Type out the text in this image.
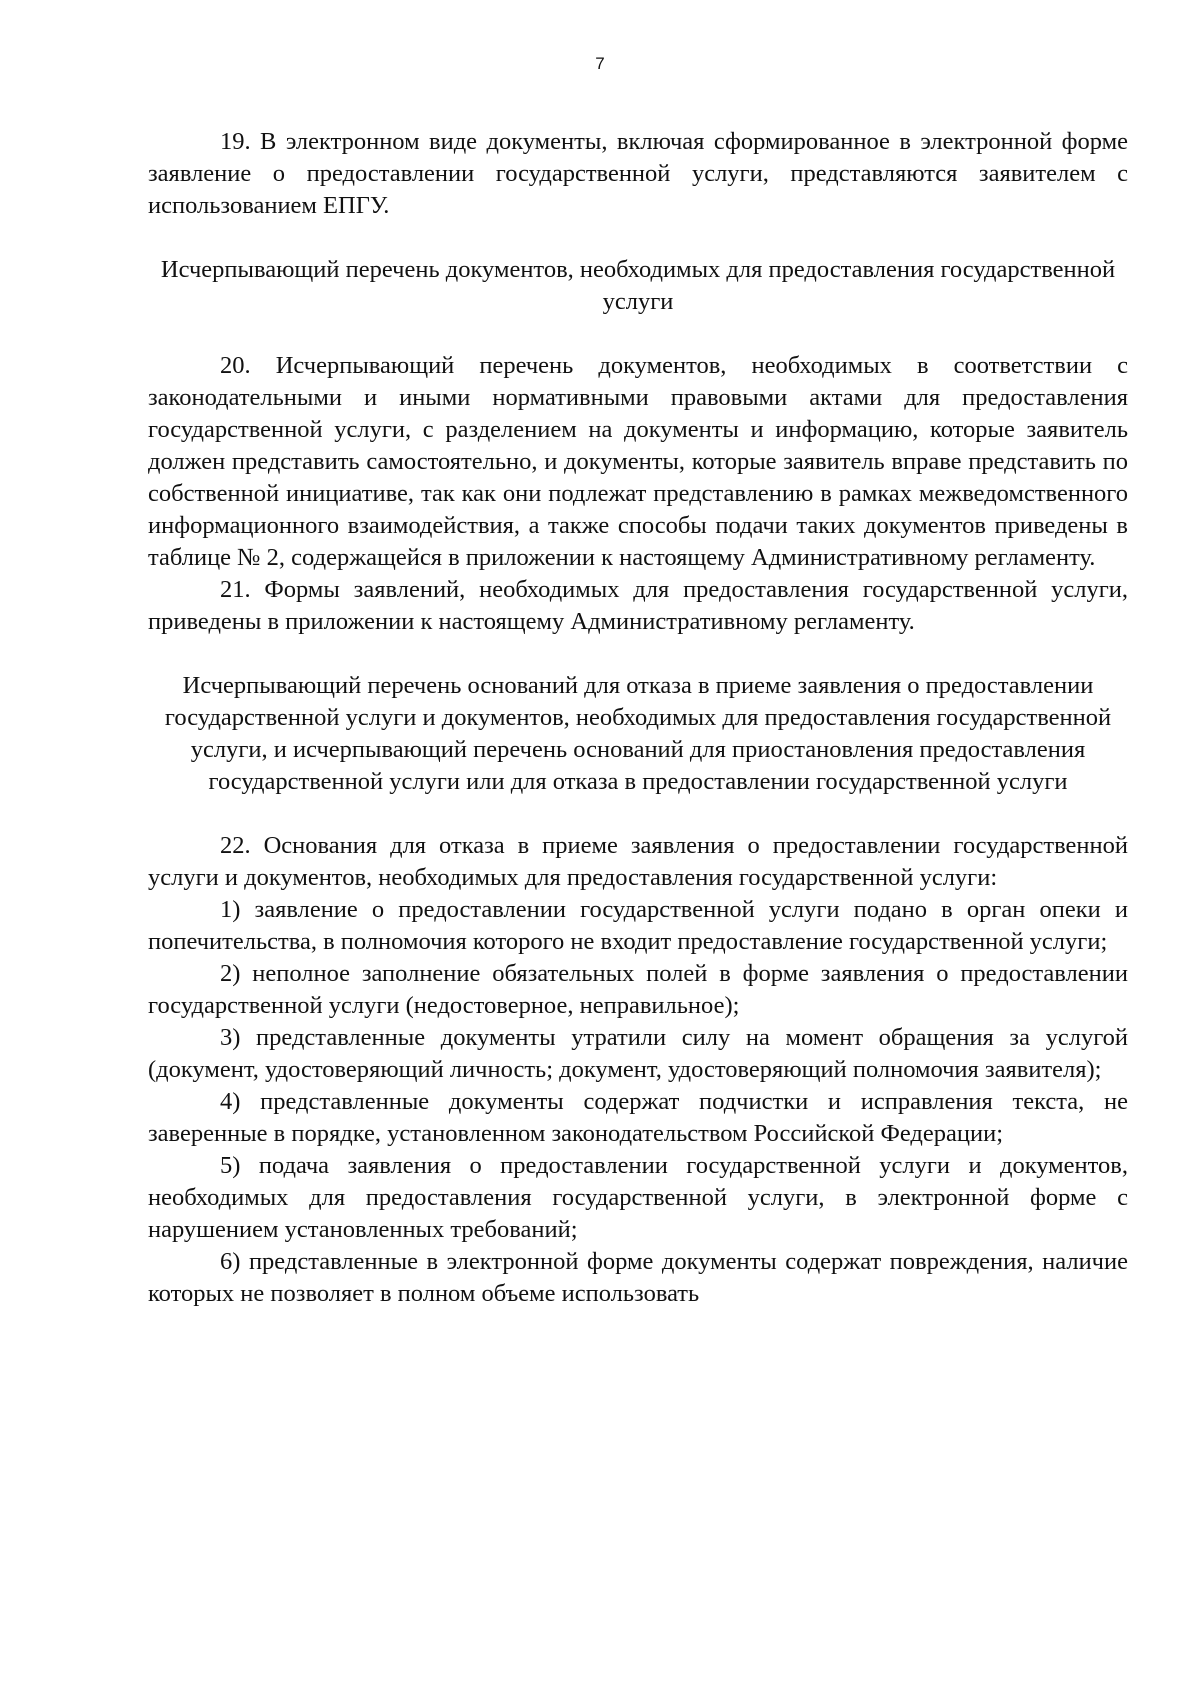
7

19. В электронном виде документы, включая сформированное в электронной форме заявление о предоставлении государственной услуги, представляются заявителем с использованием ЕПГУ.

Исчерпывающий перечень документов, необходимых для предоставления государственной услуги

20. Исчерпывающий перечень документов, необходимых в соответствии с законодательными и иными нормативными правовыми актами для предоставления государственной услуги, с разделением на документы и информацию, которые заявитель должен представить самостоятельно, и документы, которые заявитель вправе представить по собственной инициативе, так как они подлежат представлению в рамках межведомственного информационного взаимодействия, а также способы подачи таких документов приведены в таблице № 2, содержащейся в приложении к настоящему Административному регламенту.

21. Формы заявлений, необходимых для предоставления государственной услуги, приведены в приложении к настоящему Административному регламенту.

Исчерпывающий перечень оснований для отказа в приеме заявления о предоставлении государственной услуги и документов, необходимых для предоставления государственной услуги, и исчерпывающий перечень оснований для приостановления предоставления государственной услуги или для отказа в предоставлении государственной услуги

22. Основания для отказа в приеме заявления о предоставлении государственной услуги и документов, необходимых для предоставления государственной услуги:

1) заявление о предоставлении государственной услуги подано в орган опеки и попечительства, в полномочия которого не входит предоставление государственной услуги;

2) неполное заполнение обязательных полей в форме заявления о предоставлении государственной услуги (недостоверное, неправильное);

3) представленные документы утратили силу на момент обращения за услугой (документ, удостоверяющий личность; документ, удостоверяющий полномочия заявителя);

4) представленные документы содержат подчистки и исправления текста, не заверенные в порядке, установленном законодательством Российской Федерации;

5) подача заявления о предоставлении государственной услуги и документов, необходимых для предоставления государственной услуги, в электронной форме с нарушением установленных требований;

6) представленные в электронной форме документы содержат повреждения, наличие которых не позволяет в полном объеме использовать
